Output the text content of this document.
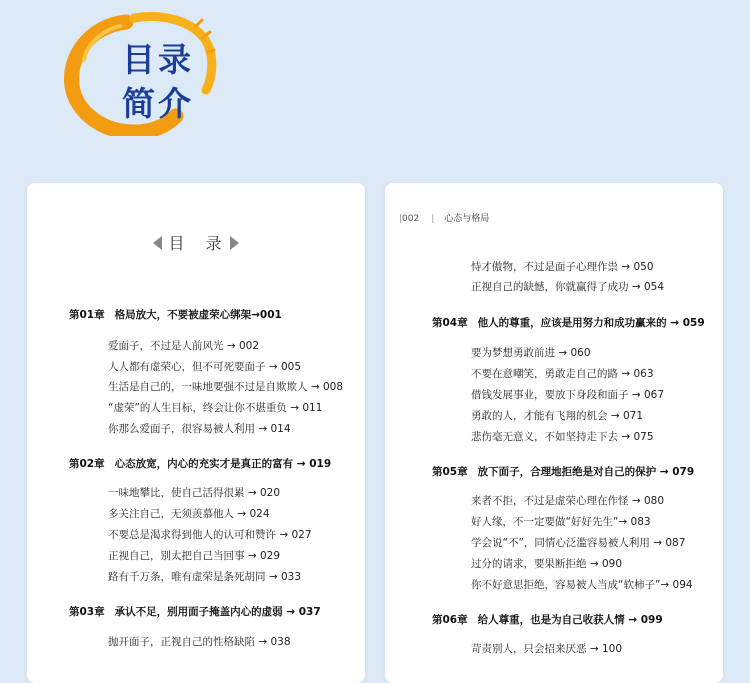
目录
简介
目 录
第01章 格局放大，不要被虚荣心绑架→001
爱面子，不过是人前风光 → 002
人人都有虚荣心，但不可死要面子 → 005
生活是自己的，一味地要强不过是自欺欺人 → 008
“虚荣”的人生目标，终会让你不堪重负 → 011
你那么爱面子，很容易被人利用 → 014
第02章 心态放宽，内心的充实才是真正的富有 → 019
一味地攀比，使自己活得很累 → 020
多关注自己，无须羡慕他人 → 024
不要总是渴求得到他人的认可和赞许 → 027
正视自己，别太把自己当回事 → 029
路有千万条，唯有虚荣是条死胡同 → 033
第03章 承认不足，别用面子掩盖内心的虚弱 → 037
抛开面子，正视自己的性格缺陷 → 038
|002 | 心态与格局
恃才傲物，不过是面子心理作祟 → 050
正视自己的缺憾，你就赢得了成功 → 054
第04章 他人的尊重，应该是用努力和成功赢来的 → 059
要为梦想勇敢前进 → 060
不要在意嘲笑，勇敢走自己的路 → 063
借钱发展事业，要放下身段和面子 → 067
勇敢的人，才能有飞翔的机会 → 071
悲伤毫无意义，不如坚持走下去 → 075
第05章 放下面子，合理地拒绝是对自己的保护 → 079
来者不拒，不过是虚荣心理在作怪 → 080
好人缘，不一定要做“好好先生”→ 083
学会说“不”，同情心泛滥容易被人利用 → 087
过分的请求，要果断拒绝 → 090
你不好意思拒绝，容易被人当成“软柿子”→ 094
第06章 给人尊重，也是为自己收获人情 → 099
苛责别人，只会招来厌恶 → 100
